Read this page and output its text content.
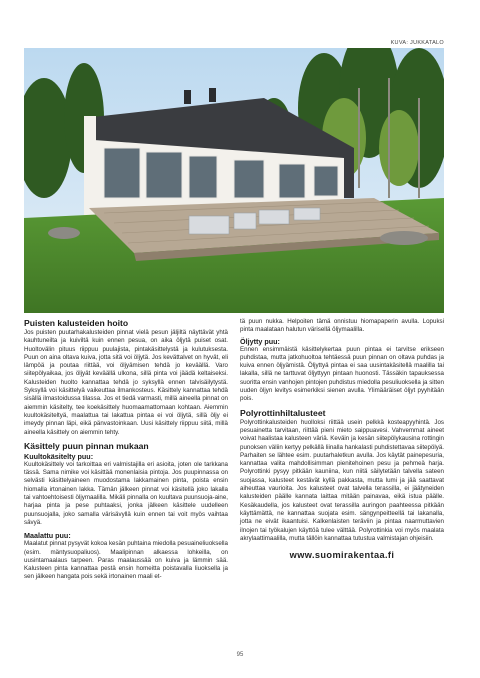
KUVA: JUKKATALO
Puisten kalusteiden hoito

Jos puisten puutarhakalusteiden pinnat vielä pesun jäljiltä näyttävät yhtä kauhtuneilta ja kuiviltä kuin ennen pesua, on aika öljytä puiset osat. Huoltovälin pituus riippuu puulajista, pintakäsittelystä ja kulutuksesta. Puun on aina oltava kuiva, jotta sitä voi öljytä. Jos kevättalvet on hyvät, eli lämpöä ja poutaa riittää, voi öljyämisen tehdä jo keväällä. Varo siitepölyaikaa, jos öljyät keväällä ulkona, sillä pinta voi jäädä keltaiseksi. Kalusteiden huolto kannattaa tehdä jo syksyllä ennen talvisäilytystä. Syksyllä voi käsittelyä vaikeuttaa ilmankosteus. Käsittely kannattaa tehdä sisällä ilmastoidussa tilassa. Jos et tiedä varmasti, millä aineella pinnat on aiemmin käsitelty, tee koekäsittely huomaamattomaan kohtaan. Aiemmin kuultokäsiteltyä, maalattua tai lakattua pintaa ei voi öljytä, sillä öljy ei imeydy pinnan läpi, eikä pänvastoinkaan. Uusi käsittely riippuu siitä, millä aineella käsittely on aiemmin tehty.

Käsittely puun pinnan mukaan
Kuultokäsitelty puu:

Kuultokäsittely voi tarkoittaa eri valmistajilla eri asioita, joten ole tarkkana tässä. Sama nimike voi käsittää monenlaisia pintoja. Jos puupinnassa on selvästi käsittelyaineen muodostama lakkamainen pinta, poista ensin hiomalla irtonainen lakka. Tämän jälkeen pinnat voi käsitellä joko lakalla tai vahtoehtoisesti öljymaalilla. Mikäli pinnalla on kuultava puunsuoja-aine, harjaa pinta ja pese puhtaaksi, jonka jälkeen käsittele uudelleen puunsuojalla, joko samalla värisävyllä kuin ennen tai voit myös vaihtaa sävyä.

Maalattu puu:

Maalatut pinnat pysyvät kokoa kesän puhtaina miedolla pesuaineliuoksella (esim. mäntysuopaliuos). Maalipinnan alkaessa lohkeilla, on uusintamaalaus tarpeen. Paras maalaussää on kuiva ja lämmin sää. Kalusteen pinta kannattaa pestä ensin homeitta poistavalla liuoksella ja sen jälkeen hangata pois sekä irtonainen maali et-

tä puun nukka. Helpoiten tämä onnistuu hiomapaperin avulla. Lopuksi pinta maalataan halutun värisellä öljymaalilla.

Öljytty puu:

Ennen ensimmäistä käsittelykertaa puun pintaa ei tarvitse erikseen puhdistaa, mutta jatkohuoltoa tehtäessä puun pinnan on oltava puhdas ja kuiva ennen öljyämistä. Öljyttyä pintaa ei saa uusintakäsitellä maalilla tai lakalla, sillä ne tarttuvat öljyttyyn pintaan huonosti. Tässäkin tapauksessa suoritta ensin vanhojen pintojen puhdistus miedolla pesuliuoksella ja sitten uuden öljyn levitys esimerkiksi sienen avulla. Ylimääräiset öljyt pyyhitään pois.

Polyrottinhiltalusteet

Polyrottinkalusteiden huolloksi riittää usein pelkkä kosteapyyhintä. Jos pesuainetta tarvitaan, riittää pieni mieto saippuavesi. Vahvemmat aineet voivat haalistaa kalusteen väriä. Keväin ja kesän siitepölykausina rottingin punoksen väliin kertyy pelkällä liinalla hankalasti puhdistettavaa siitepölyä. Parhaiten se lähtee esim. puutarhaletkun avulla. Jos käytät painepesuria, kannattaa valita mahdollisimman pienitehoinen pesu ja pehmeä harja. Polyrottinki pysyy pitkään kauniina, kun niitä säilytetään talvella sateen suojassa, kalusteet kestävät kyllä pakkasta, mutta lumi ja jää saattavat aiheuttaa vaurioita. Jos kalusteet ovat talvella terassilla, ei jäätyneiden kalusteiden päälle kannata laittaa mitään painavaa, eikä istua päälle. Kesäkaudella, jos kalusteet ovat terassilla auringon paahteessa pitkään käyttämättä, ne kannattaa suojata esim. sängynpeitteellä tai lakanalla, jotta ne eivät ikaantuisi. Kalkenlaisten teräviin ja pintaa naarmuttavien ilnojen tai työkalujen käyttöä tulee välttää. Polyrottinkia voi myös maalata akrylaattimaalilla, mutta tällöin kannattaa tutustua valmistajan ohjeisiin.

www.suomirakentaa.fi
95
